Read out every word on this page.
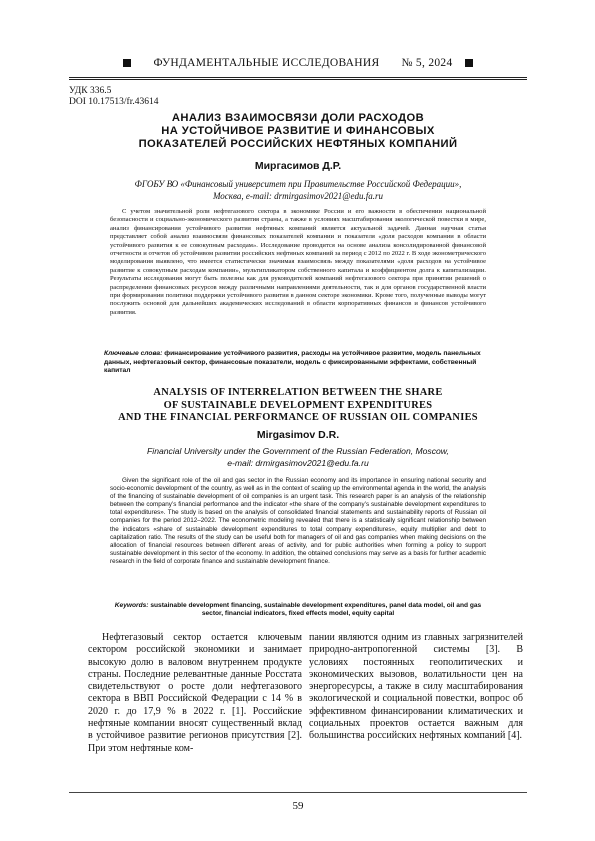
ФУНДАМЕНТАЛЬНЫЕ ИССЛЕДОВАНИЯ № 5, 2024
УДК 336.5
DOI 10.17513/fr.43614
АНАЛИЗ ВЗАИМОСВЯЗИ ДОЛИ РАСХОДОВ
НА УСТОЙЧИВОЕ РАЗВИТИЕ И ФИНАНСОВЫХ
ПОКАЗАТЕЛЕЙ РОССИЙСКИХ НЕФТЯНЫХ КОМПАНИЙ
Миргасимов Д.Р.
ФГОБУ ВО «Финансовый университет при Правительстве Российской Федерации»,
Москва, e-mail: drmirgasimov2021@edu.fa.ru
С учетом значительной роли нефтегазового сектора в экономике России и его важности в обеспечении национальной безопасности и социально-экономического развития страны, а также в условиях масштабирования экологической повестки в мире, анализ финансирования устойчивого развития нефтяных компаний является актуальной задачей. Данная научная статья представляет собой анализ взаимосвязи финансовых показателей компании и показателя «доля расходов компании в области устойчивого развития к ее совокупным расходам». Исследование проводится на основе анализа консолидированной финансовой отчетности и отчетов об устойчивом развитии российских нефтяных компаний за период с 2012 по 2022 г. В ходе эконометрического моделирования выявлено, что имеется статистически значимая взаимосвязь между показателями «доля расходов на устойчивое развитие к совокупным расходам компании», мультипликатором собственного капитала и коэффициентом долга к капитализации. Результаты исследования могут быть полезны как для руководителей компаний нефтегазового сектора при принятии решений о распределении финансовых ресурсов между различными направлениями деятельности, так и для органов государственной власти при формировании политики поддержки устойчивого развития в данном секторе экономики. Кроме того, полученные выводы могут послужить основой для дальнейших академических исследований в области корпоративных финансов и финансов устойчивого развития.
Ключевые слова: финансирование устойчивого развития, расходы на устойчивое развитие, модель панельных данных, нефтегазовый сектор, финансовые показатели, модель с фиксированными эффектами, собственный капитал
ANALYSIS OF INTERRELATION BETWEEN THE SHARE
OF SUSTAINABLE DEVELOPMENT EXPENDITURES
AND THE FINANCIAL PERFORMANCE OF RUSSIAN OIL COMPANIES
Mirgasimov D.R.
Financial University under the Government of the Russian Federation, Moscow,
e-mail: drmirgasimov2021@edu.fa.ru
Given the significant role of the oil and gas sector in the Russian economy and its importance in ensuring national security and socio-economic development of the country, as well as in the context of scaling up the environmental agenda in the world, the analysis of the financing of sustainable development of oil companies is an urgent task. This research paper is an analysis of the relationship between the company’s financial performance and the indicator «the share of the company’s sustainable development expenditures to total expenditures». The study is based on the analysis of consolidated financial statements and sustainability reports of Russian oil companies for the period 2012–2022. The econometric modeling revealed that there is a statistically significant relationship between the indicators «share of sustainable development expenditures to total company expenditures», equity multiplier and debt to capitalization ratio. The results of the study can be useful both for managers of oil and gas companies when making decisions on the allocation of financial resources between different areas of activity, and for public authorities when forming a policy to support sustainable development in this sector of the economy. In addition, the obtained conclusions may serve as a basis for further academic research in the field of corporate finance and sustainable development finance.
Keywords: sustainable development financing, sustainable development expenditures, panel data model, oil and gas sector, financial indicators, fixed effects model, equity capital
Нефтегазовый сектор остается ключевым сектором российской экономики и занимает высокую долю в валовом внутреннем продукте страны. Последние релевантные данные Росстата свидетельствуют о росте доли нефтегазового сектора в ВВП Российской Федерации с 14 % в 2020 г. до 17,9 % в 2022 г. [1]. Российские нефтяные компании вносят существенный вклад в устойчивое развитие регионов присутствия [2]. При этом нефтяные ком-
пании являются одним из главных загрязнителей природно-антропогенной системы [3]. В условиях постоянных геополитических и экономических вызовов, волатильности цен на энергоресурсы, а также в силу масштабирования экологической и социальной повестки, вопрос об эффективном финансировании климатических и социальных проектов остается важным для большинства российских нефтяных компаний [4].
59
